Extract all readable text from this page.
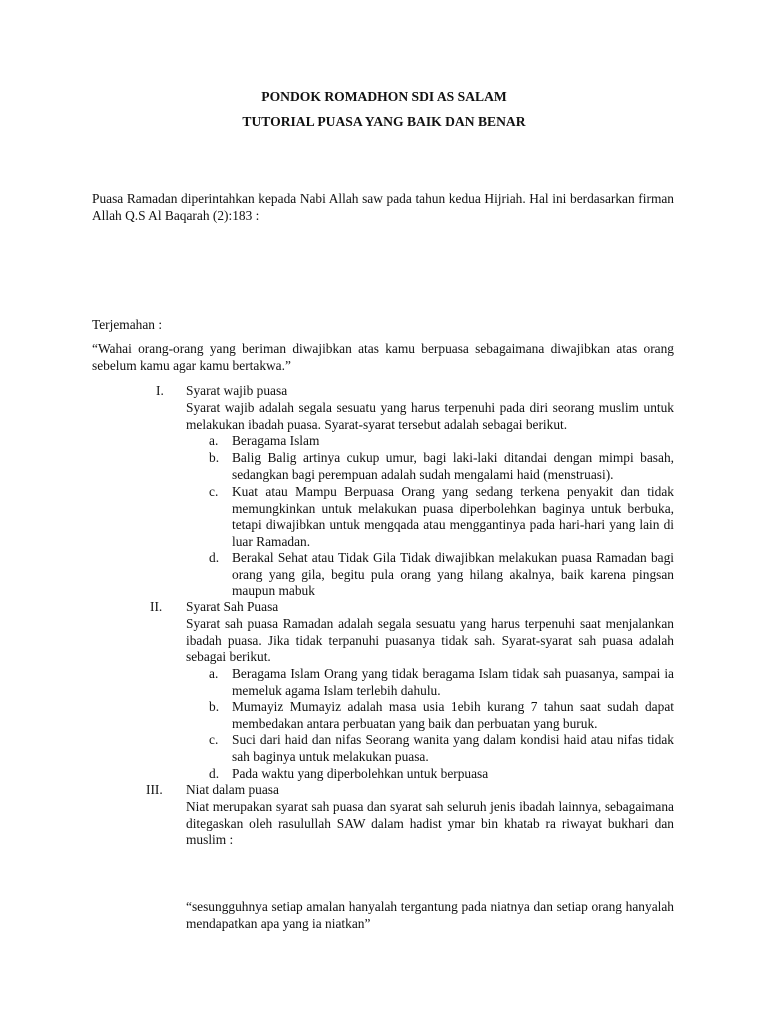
PONDOK ROMADHON SDI AS SALAM
TUTORIAL PUASA YANG BAIK DAN BENAR
Puasa Ramadan diperintahkan kepada Nabi Allah saw pada tahun kedua Hijriah. Hal ini berdasarkan firman Allah Q.S Al Baqarah (2):183 :
Terjemahan :
“Wahai orang-orang yang beriman diwajibkan atas kamu berpuasa sebagaimana diwajibkan atas orang sebelum kamu agar kamu bertakwa.”
I.	Syarat wajib puasa
Syarat wajib adalah segala sesuatu yang harus terpenuhi pada diri seorang muslim untuk melakukan ibadah puasa. Syarat-syarat tersebut adalah sebagai berikut.
a.	Beragama Islam
b. Balig Balig artinya cukup umur, bagi laki-laki ditandai dengan mimpi basah, sedangkan bagi perempuan adalah sudah mengalami haid (menstruasi).
c.	Kuat atau Mampu Berpuasa Orang yang sedang terkena penyakit dan tidak memungkinkan untuk melakukan puasa diperbolehkan baginya untuk berbuka, tetapi diwajibkan untuk mengqada atau menggantinya pada hari-hari yang lain di luar Ramadan.
d. Berakal Sehat atau Tidak Gila Tidak diwajibkan melakukan puasa Ramadan bagi orang yang gila, begitu pula orang yang hilang akalnya, baik karena pingsan maupun mabuk
II.	Syarat Sah Puasa
Syarat sah puasa Ramadan adalah segala sesuatu yang harus terpenuhi saat menjalankan ibadah puasa. Jika tidak terpanuhi puasanya tidak sah. Syarat-syarat sah puasa adalah sebagai berikut.
a.	Beragama Islam Orang yang tidak beragama Islam tidak sah puasanya, sampai ia memeluk agama Islam terlebih dahulu.
b. Mumayiz Mumayiz adalah masa usia 1ebih kurang 7 tahun saat sudah dapat membedakan antara perbuatan yang baik dan perbuatan yang buruk.
c.	Suci dari haid dan nifas Seorang wanita yang dalam kondisi haid atau nifas tidak sah baginya untuk melakukan puasa.
d. Pada waktu yang diperbolehkan untuk berpuasa
III.	Niat dalam puasa
Niat merupakan syarat sah puasa dan syarat sah seluruh jenis ibadah lainnya, sebagaimana ditegaskan oleh rasulullah SAW dalam hadist ymar bin khatab ra riwayat bukhari dan muslim :
“sesungguhnya setiap amalan hanyalah tergantung pada niatnya dan setiap orang hanyalah mendapatkan apa yang ia niatkan”
